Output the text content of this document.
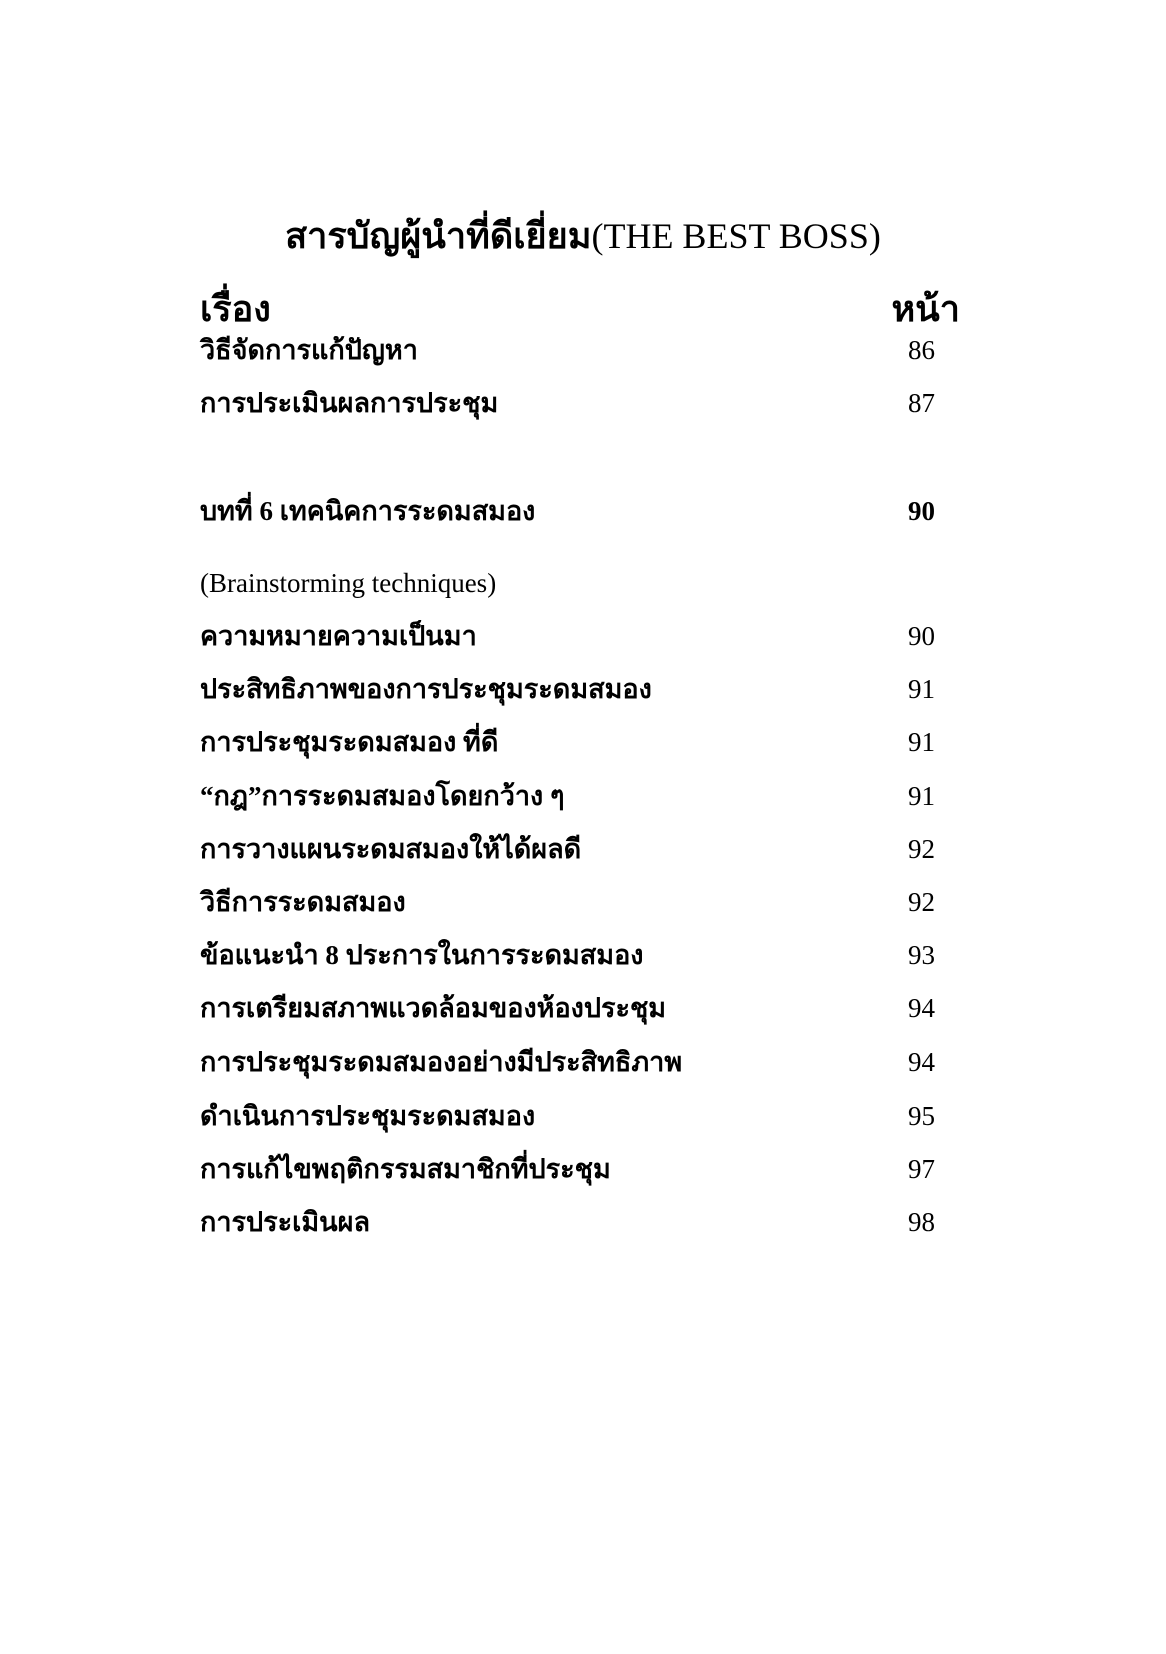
สารบัญผู้นำที่ดีเยี่ยม(THE BEST BOSS)
เรื่อง	หน้า
วิธีจัดการแก้ปัญหา	86
การประเมินผลการประชุม	87
บทที่ 6 เทคนิคการระดมสมอง	90
(Brainstorming techniques)
ความหมายความเป็นมา	90
ประสิทธิภาพของการประชุมระดมสมอง	91
การประชุมระดมสมอง ที่ดี	91
“กฎ”การระดมสมองโดยกว้าง ๆ	91
การวางแผนระดมสมองให้ได้ผลดี	92
วิธีการระดมสมอง	92
ข้อแนะนำ 8 ประการในการระดมสมอง	93
การเตรียมสภาพแวดล้อมของห้องประชุม	94
การประชุมระดมสมองอย่างมีประสิทธิภาพ	94
ดำเนินการประชุมระดมสมอง	95
การแก้ไขพฤติกรรมสมาชิกที่ประชุม	97
การประเมินผล	98
